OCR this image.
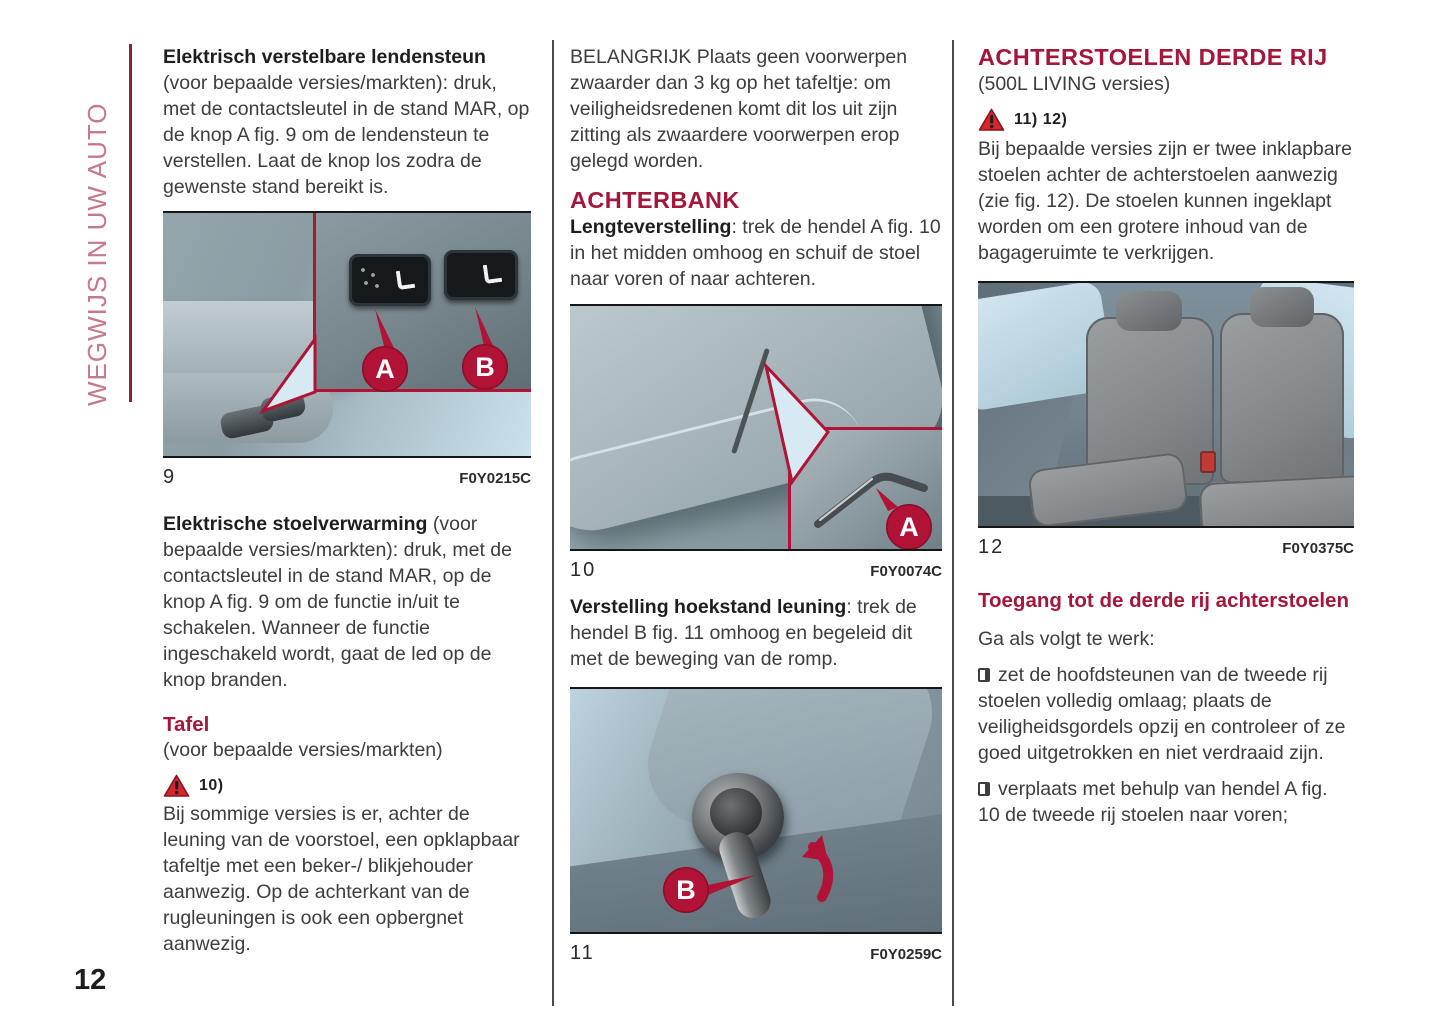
WEGWIJS IN UW AUTO
12

Elektrisch verstelbare lendensteun
(voor bepaalde versies/markten): druk, met de contactsleutel in de stand MAR, op de knop A fig. 9 om de lendensteun te verstellen. Laat de knop los zodra de gewenste stand bereikt is.

A	B
9	F0Y0215C

Elektrische stoelverwarming (voor bepaalde versies/markten): druk, met de contactsleutel in de stand MAR, op de knop A fig. 9 om de functie in/uit te schakelen. Wanneer de functie ingeschakeld wordt, gaat de led op de knop branden.

Tafel

(voor bepaalde versies/markten)

10)

Bij sommige versies is er, achter de leuning van de voorstoel, een opklapbaar tafeltje met een beker-/ blikjehouder aanwezig. Op de achterkant van de rugleuningen is ook een opbergnet aanwezig.

BELANGRIJK Plaats geen voorwerpen zwaarder dan 3 kg op het tafeltje: om veiligheidsredenen komt dit los uit zijn zitting als zwaardere voorwerpen erop gelegd worden.

ACHTERBANK

Lengteverstelling: trek de hendel A fig. 10 in het midden omhoog en schuif de stoel naar voren of naar achteren.

A
10	F0Y0074C

Verstelling hoekstand leuning: trek de hendel B fig. 11 omhoog en begeleid dit met de beweging van de romp.

B
11	F0Y0259C

ACHTERSTOELEN DERDE RIJ

(500L LIVING versies)

11) 12)

Bij bepaalde versies zijn er twee inklapbare stoelen achter de achterstoelen aanwezig (zie fig. 12). De stoelen kunnen ingeklapt worden om een grotere inhoud van de bagageruimte te verkrijgen.

12	F0Y0375C

Toegang tot de derde rij achterstoelen

Ga als volgt te werk:

zet de hoofdsteunen van de tweede rij stoelen volledig omlaag; plaats de veiligheidsgordels opzij en controleer of ze goed uitgetrokken en niet verdraaid zijn.

verplaats met behulp van hendel A fig. 10 de tweede rij stoelen naar voren;
